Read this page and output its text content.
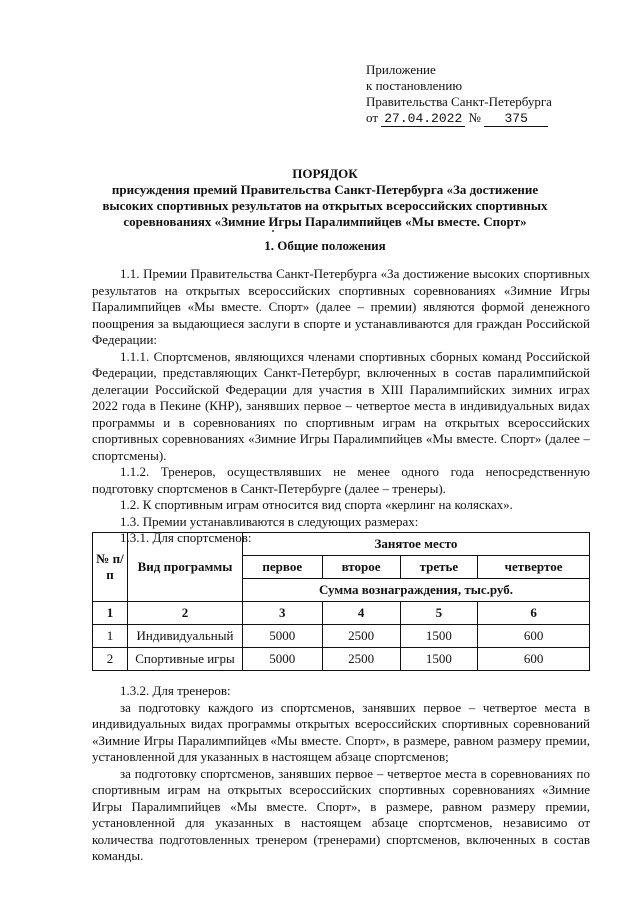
Приложение
к постановлению
Правительства Санкт-Петербурга
от 27.04.2022 № 375
ПОРЯДОК
присуждения премий Правительства Санкт-Петербурга «За достижение
высоких спортивных результатов на открытых всероссийских спортивных
соревнованиях «Зимние Игры Паралимпийцев «Мы вместе. Спорт»
1. Общие положения

1.1. Премии Правительства Санкт-Петербурга «За достижение высоких спортивных результатов на открытых всероссийских спортивных соревнованиях «Зимние Игры Паралимпийцев «Мы вместе. Спорт» (далее – премии) являются формой денежного поощрения за выдающиеся заслуги в спорте и устанавливаются для граждан Российской Федерации:

1.1.1. Спортсменов, являющихся членами спортивных сборных команд Российской Федерации, представляющих Санкт-Петербург, включенных в состав паралимпийской делегации Российской Федерации для участия в XIII Паралимпийских зимних играх 2022 года в Пекине (КНР), занявших первое – четвертое места в индивидуальных видах программы и в соревнованиях по спортивным играм на открытых всероссийских спортивных соревнованиях «Зимние Игры Паралимпийцев «Мы вместе. Спорт» (далее – спортсмены).

1.1.2. Тренеров, осуществлявших не менее одного года непосредственную подготовку спортсменов в Санкт-Петербурге (далее – тренеры).

1.2. К спортивным играм относится вид спорта «керлинг на колясках».

1.3. Премии устанавливаются в следующих размерах:

1.3.1. Для спортсменов:

№ п/п	Вид программы	Занятое место			
		первое	второе	третье	четвертое
		Сумма вознаграждения, тыс.руб.			
1	2	3	4	5	6
1	Индивидуальный	5000	2500	1500	600
2	Спортивные игры	5000	2500	1500	600

1.3.2. Для тренеров:

за подготовку каждого из спортсменов, занявших первое – четвертое места в индивидуальных видах программы открытых всероссийских спортивных соревнований «Зимние Игры Паралимпийцев «Мы вместе. Спорт», в размере, равном размеру премии, установленной для указанных в настоящем абзаце спортсменов;

за подготовку спортсменов, занявших первое – четвертое места в соревнованиях по спортивным играм на открытых всероссийских спортивных соревнованиях «Зимние Игры Паралимпийцев «Мы вместе. Спорт», в размере, равном размеру премии, установленной для указанных в настоящем абзаце спортсменов, независимо от количества подготовленных тренером (тренерами) спортсменов, включенных в состав команды.
